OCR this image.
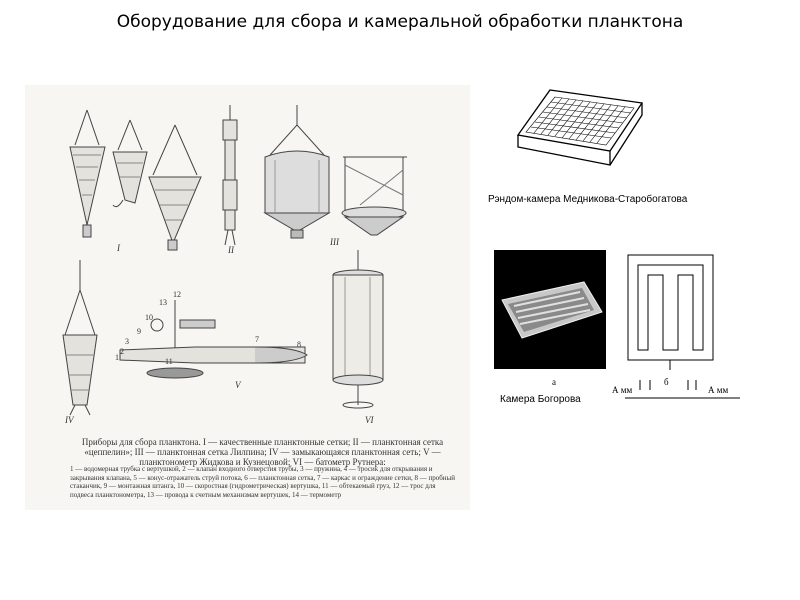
Оборудование для сбора и камеральной обработки планктона
I	II
III
IV
V
VI
13
12
10
9
3
2
1
7
8
11
Приборы для сбора планктона. I — качественные планктонные сетки; II — планктонная сетка «цеппелин»; III — планктонная сетка Лилпина; IV — замыкающаяся планктонная сеть; V — планктонометр Жидкова и Кузнецовой; VI — батометр Рутнера:
1 — водомерная трубка с вертушкой, 2 — клапан входного отверстия трубы, 3 — пружина, 4 — тросик для открывания и закрывания клапана, 5 — конус-отражатель струй потока, 6 — планктонная сетка, 7 — каркас и ограждение сетки, 8 — пробный стаканчик, 9 — монтажная штанга, 10 — скоростная (гидрометрическая) вертушка, 11 — обтекаемый груз, 12 — трос для подвеса планктонометра, 13 — провода к счетным механизмам вертушек, 14 — термометр
Рэндом-камера Медникова-Старобогатова
а	б
А мм	А мм
Камера Богорова
